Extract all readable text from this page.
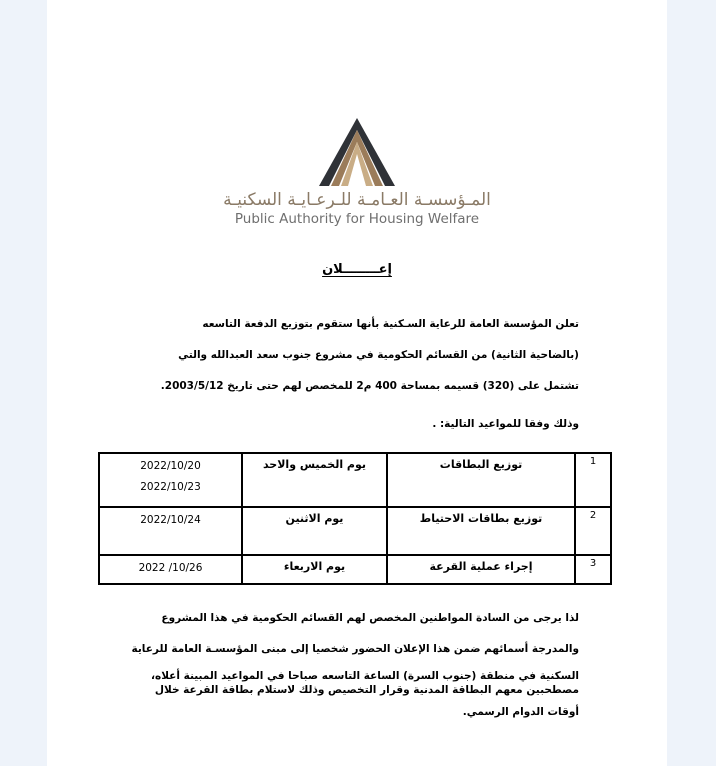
المـؤسسـة العـامـة للـرعـايـة السكنيـة
Public Authority for Housing Welfare
إعــــــــلان
تعلن المؤسسة العامة للرعاية السـكنية بأنها ستقوم بتوزيع الدفعة التاسعه
(بالضاحية الثانية) من القسائم الحكومية في مشروع جنوب سعد العبدالله والتي
تشتمل على (320) قسيمه بمساحة 400 م2 للمخصص لهم حتى تاريخ 2003/5/12.
وذلك وفقا للمواعيد التالية: .
1	توزيع البطاقات	يوم الخميس والاحد	2022/10/20
2022/10/23

2	توزيع بطاقات الاحتياط	يوم الاثنين	2022/10/24

3	إجراء عملية القرعة	يوم الاربعاء	2022 /10/26
لذا يرجى من السادة المواطنين المخصص لهم القسائم الحكومية في هذا المشروع
والمدرجة أسمائهم ضمن هذا الإعلان الحضور شخصيا إلى مبنى المؤسسـة العامة للرعاية
السكنية في منطقة (جنوب السرة) الساعة التاسعه صباحا في المواعيد المبينة أعلاه،
مصطحبين معهم البطاقة المدنية وقرار التخصيص وذلك لاستلام بطاقة القرعة خلال
أوقات الدوام الرسمي.
